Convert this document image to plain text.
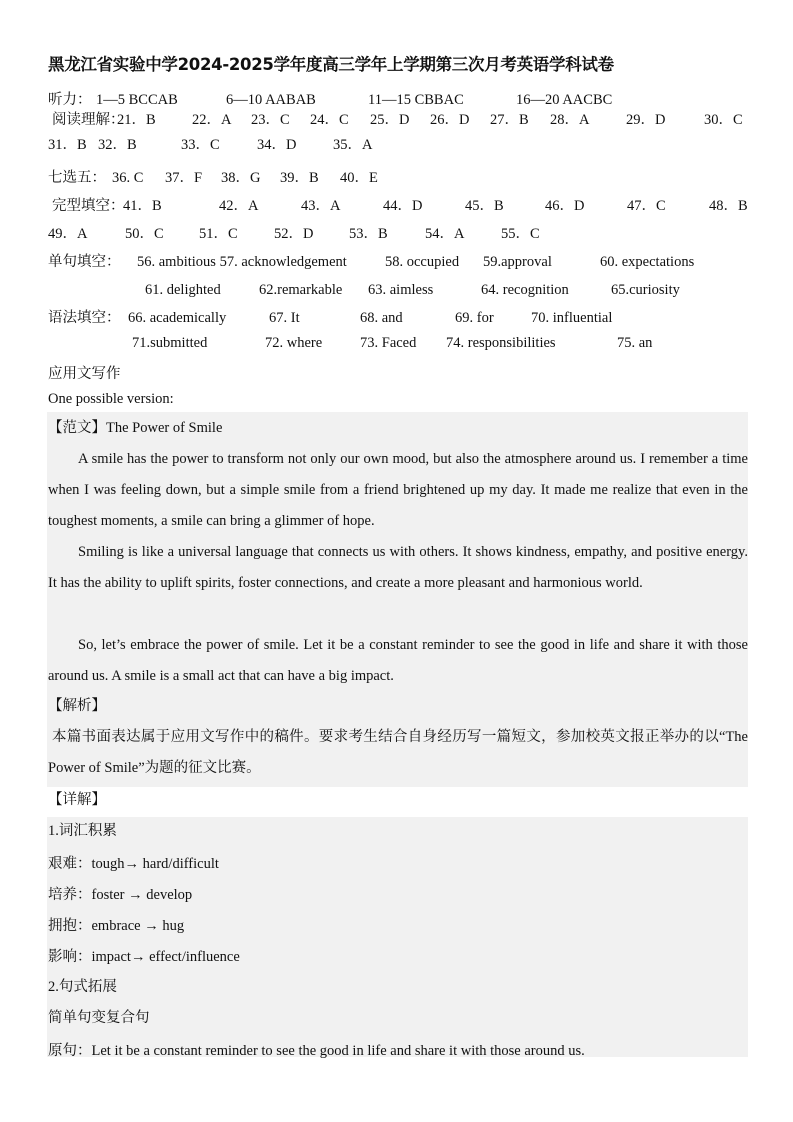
黑龙江省实验中学2024-2025学年度高三学年上学期第三次月考英语学科试卷
听力： 1—5 BCCAB	6—10 AABAB	11—15 CBBAC	16—20 AACBC
阅读理解：
21．B	22．A 23．C 24．C 25．D 26．D 27．B 28．A	29．D	30．C
31．B 32．B	33．C	34．D	35．A
七选五： 36. C 37．F 38．G 39．B 40．E
完型填空：
41．B	42．A	43．A	44．D	45．B	46．D	47．C	48．B
49．A	50．C 51．C	52．D 53．B	54．A	55．C
单句填空： 56. ambitious 57. acknowledgement	58. occupied 59.approval	60. expectations
61. delighted	62.remarkable 63. aimless	64. recognition	65.curiosity
语法填空： 66. academically	67. It	68. and	69. for	70. influential
71.submitted	72. where	73. Faced 74. responsibilities	75. an
应用文写作
One possible version:
【范文】The Power of Smile
A smile has the power to transform not only our own mood, but also the atmosphere around us. I remember a time when I was feeling down, but a simple smile from a friend brightened up my day. It made me realize that even in the toughest moments, a smile can bring a glimmer of hope.
Smiling is like a universal language that connects us with others. It shows kindness, empathy, and positive energy. It has the ability to uplift spirits, foster connections, and create a more pleasant and harmonious world.
So, let’s embrace the power of smile. Let it be a constant reminder to see the good in life and share it with those around us. A smile is a small act that can have a big impact.
【解析】
本篇书面表达属于应用文写作中的稿件。要求考生结合自身经历写一篇短文，参加校英文报正举办的以“The Power of Smile”为题的征文比赛。
【详解】
1.词汇积累
艰难：tough→ hard/difficult
培养：foster → develop
拥抱：embrace → hug
影响：impact→ effect/influence
2.句式拓展
简单句变复合句
原句：Let it be a constant reminder to see the good in life and share it with those around us.
